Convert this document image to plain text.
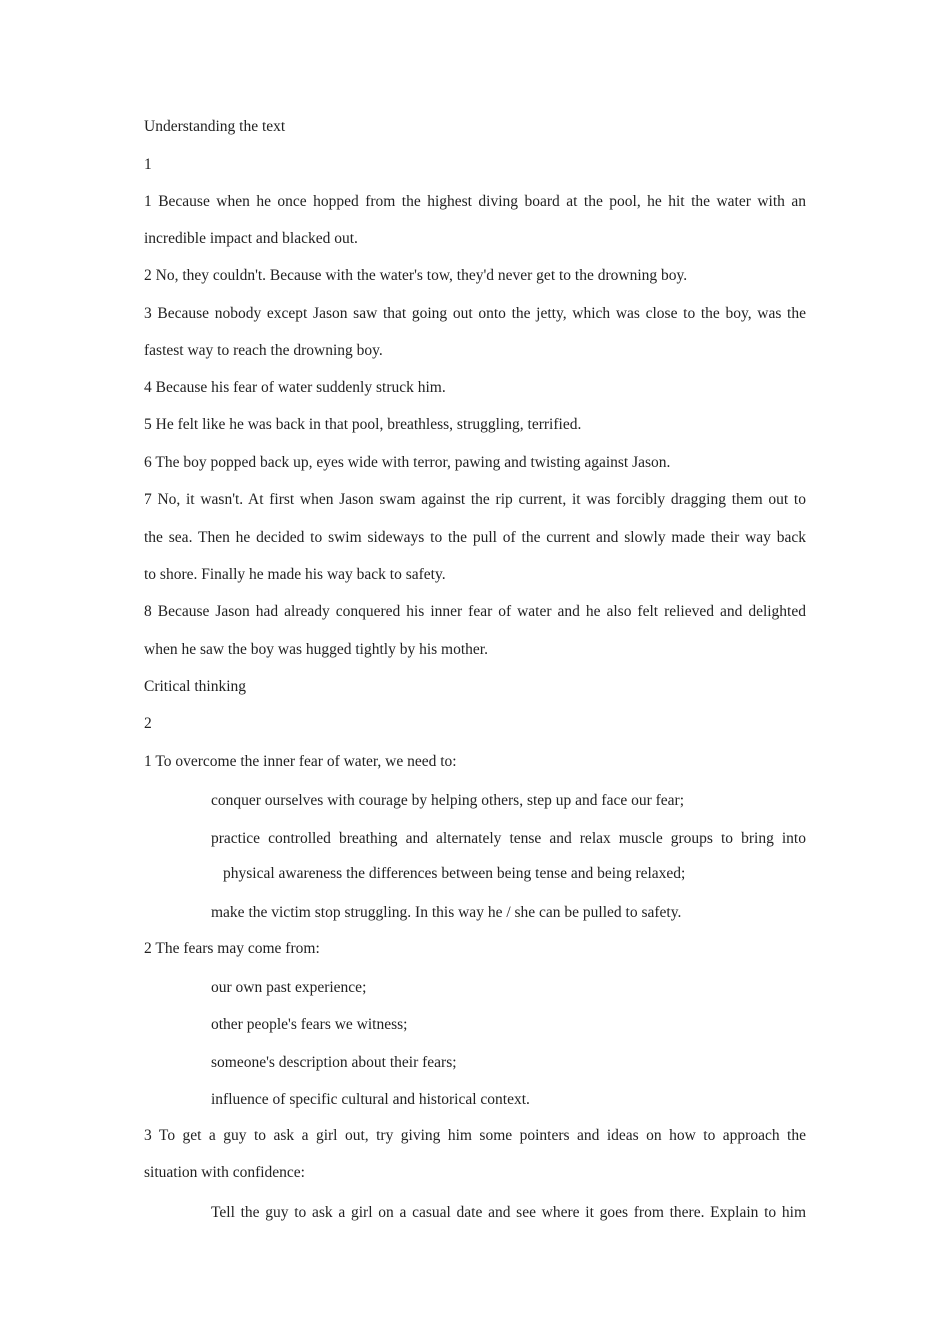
Understanding the text
1
1 Because when he once hopped from the highest diving board at the pool, he hit the water with an
incredible impact and blacked out.
2 No, they couldn't. Because with the water's tow, they'd never get to the drowning boy.
3 Because nobody except Jason saw that going out onto the jetty, which was close to the boy, was the
fastest way to reach the drowning boy.
4 Because his fear of water suddenly struck him.
5 He felt like he was back in that pool, breathless, struggling, terrified.
6 The boy popped back up, eyes wide with terror, pawing and twisting against Jason.
7 No, it wasn't. At first when Jason swam against the rip current, it was forcibly dragging them out to
the sea. Then he decided to swim sideways to the pull of the current and slowly made their way back
to shore. Finally he made his way back to safety.
8 Because Jason had already conquered his inner fear of water and he also felt relieved and delighted
when he saw the boy was hugged tightly by his mother.
Critical thinking
2
1 To overcome the inner fear of water, we need to:
conquer ourselves with courage by helping others, step up and face our fear;
practice controlled breathing and alternately tense and relax muscle groups to bring into
physical awareness the differences between being tense and being relaxed;
make the victim stop struggling. In this way he / she can be pulled to safety.
2 The fears may come from:
our own past experience;
other people's fears we witness;
someone's description about their fears;
influence of specific cultural and historical context.
3 To get a guy to ask a girl out, try giving him some pointers and ideas on how to approach the
situation with confidence:
Tell the guy to ask a girl on a casual date and see where it goes from there. Explain to him
